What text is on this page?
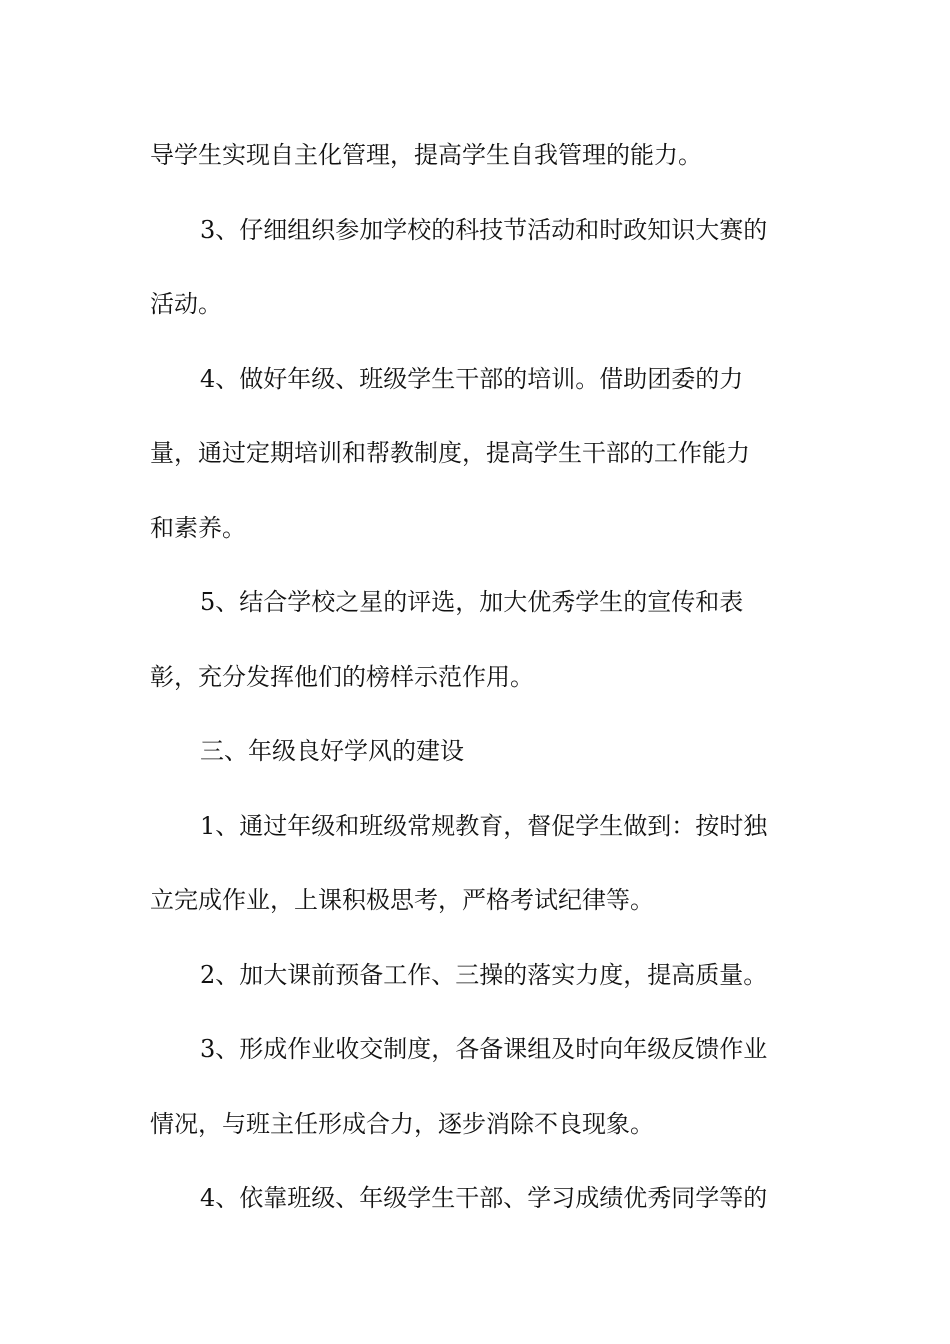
导学生实现自主化管理，提高学生自我管理的能力。

3、仔细组织参加学校的科技节活动和时政知识大赛的

活动。

4、做好年级、班级学生干部的培训。借助团委的力

量，通过定期培训和帮教制度，提高学生干部的工作能力

和素养。

5、结合学校之星的评选，加大优秀学生的宣传和表

彰，充分发挥他们的榜样示范作用。

三、年级良好学风的建设

1、通过年级和班级常规教育，督促学生做到：按时独

立完成作业，上课积极思考，严格考试纪律等。

2、加大课前预备工作、三操的落实力度，提高质量。

3、形成作业收交制度，各备课组及时向年级反馈作业

情况，与班主任形成合力，逐步消除不良现象。

4、依靠班级、年级学生干部、学习成绩优秀同学等的
